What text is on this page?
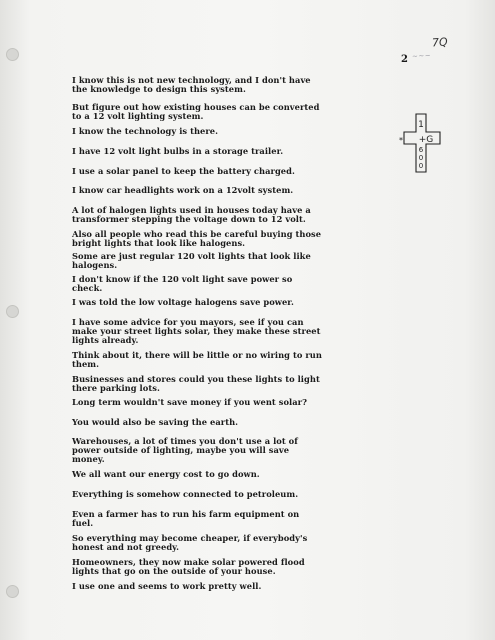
7Q
2 ~~~
1
+G
6
0
0
*
I know this is not new technology, and I don't have
the knowledge to design this system.
But figure out how existing houses can be converted
to a 12 volt lighting system.
I know the technology is there.
I have 12 volt light bulbs in a storage trailer.
I use a solar panel to keep the battery charged.
I know car headlights work on a 12volt system.
A lot of halogen lights used in houses today have a
transformer stepping the voltage down to 12 volt.
Also all people who read this be careful buying those
bright lights that look like halogens.
Some are just regular 120 volt lights that look like
halogens.
I don't know if the 120 volt light save power so
check.
I was told the low voltage halogens save power.
I have some advice for you mayors, see if you can
make your street lights solar, they make these street
lights already.
Think about it, there will be little or no wiring to run
them.
Businesses and stores could you these lights to light
there parking lots.
Long term wouldn't save money if you went solar?
You would also be saving the earth.
Warehouses, a lot of times you don't use a lot of
power outside of lighting, maybe you will save
money.
We all want our energy cost to go down.
Everything is somehow connected to petroleum.
Even a farmer has to run his farm equipment on
fuel.
So everything may become cheaper, if everybody's
honest and not greedy.
Homeowners, they now make solar powered flood
lights that go on the outside of your house.
I use one and seems to work pretty well.
